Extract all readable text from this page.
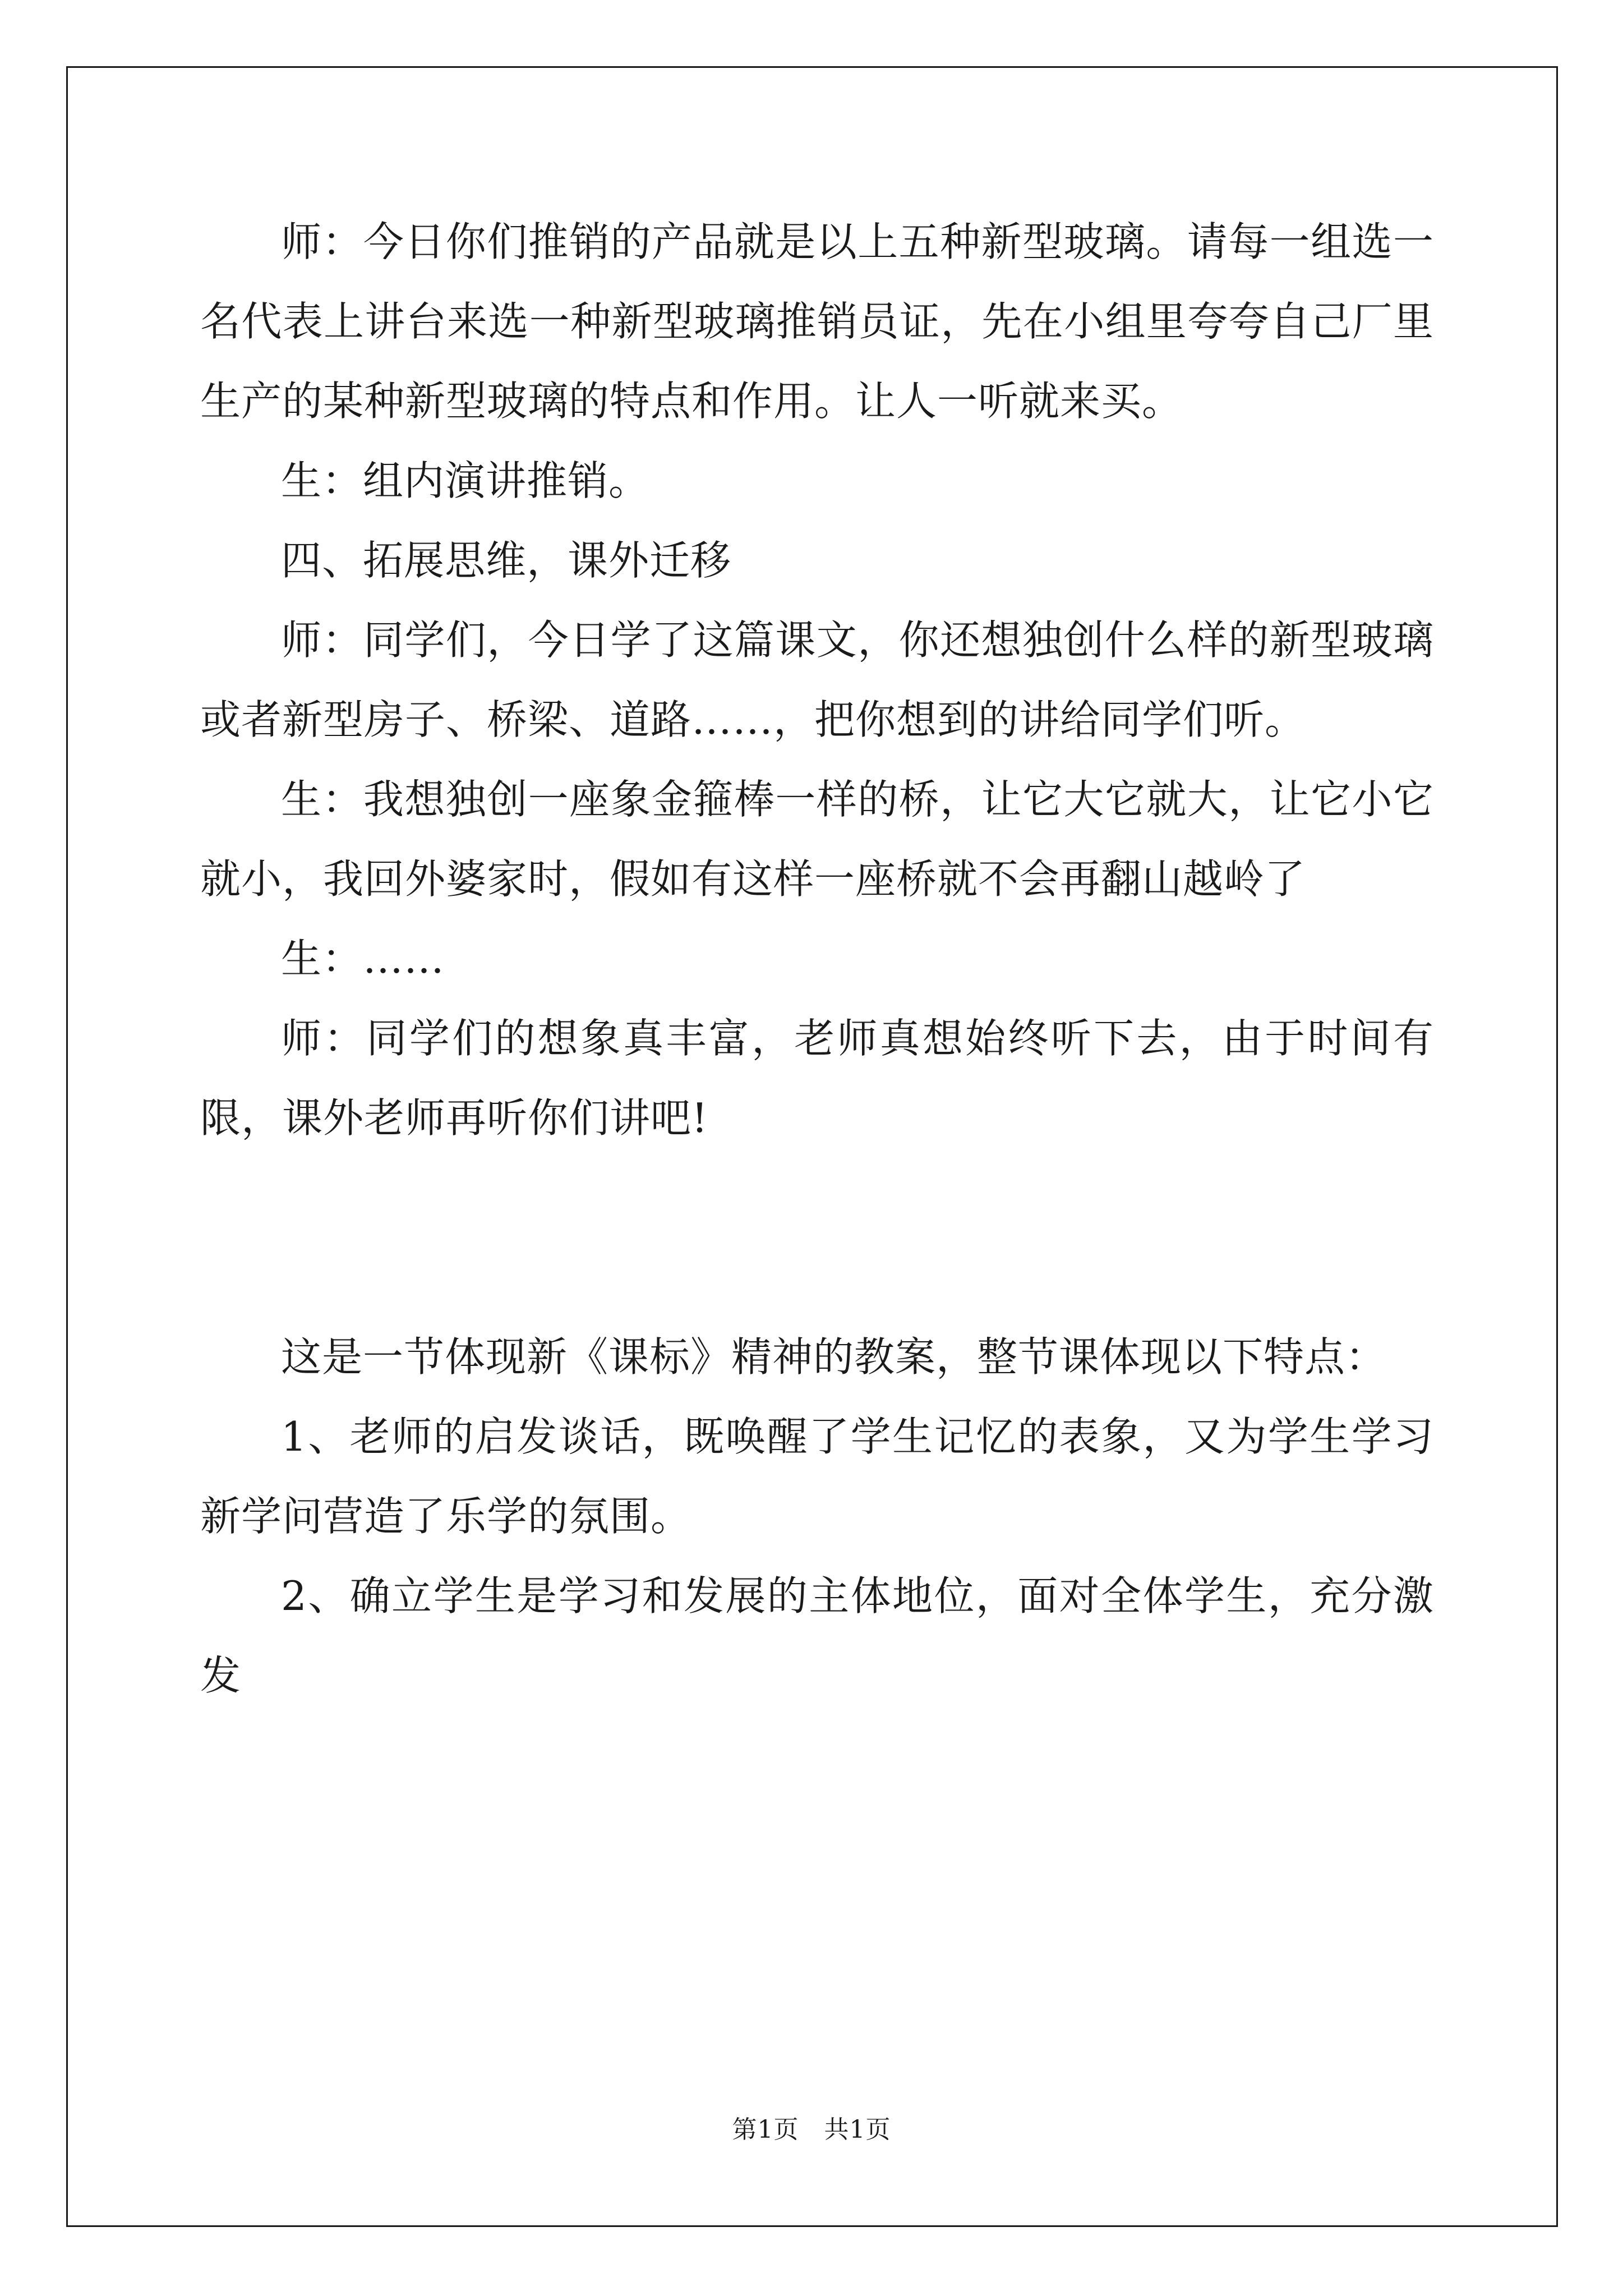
师：今日你们推销的产品就是以上五种新型玻璃。请每一组选一名代表上讲台来选一种新型玻璃推销员证，先在小组里夸夸自己厂里生产的某种新型玻璃的特点和作用。让人一听就来买。

生：组内演讲推销。

四、拓展思维，课外迁移

师：同学们，今日学了这篇课文，你还想独创什么样的新型玻璃或者新型房子、桥梁、道路……，把你想到的讲给同学们听。

生：我想独创一座象金箍棒一样的桥，让它大它就大，让它小它就小，我回外婆家时，假如有这样一座桥就不会再翻山越岭了

生：……

师：同学们的想象真丰富，老师真想始终听下去，由于时间有限，课外老师再听你们讲吧!

这是一节体现新《课标》精神的教案，整节课体现以下特点：

1、老师的启发谈话，既唤醒了学生记忆的表象，又为学生学习新学问营造了乐学的氛围。

2、确立学生是学习和发展的主体地位，面对全体学生，充分激发

第1页　共1页
